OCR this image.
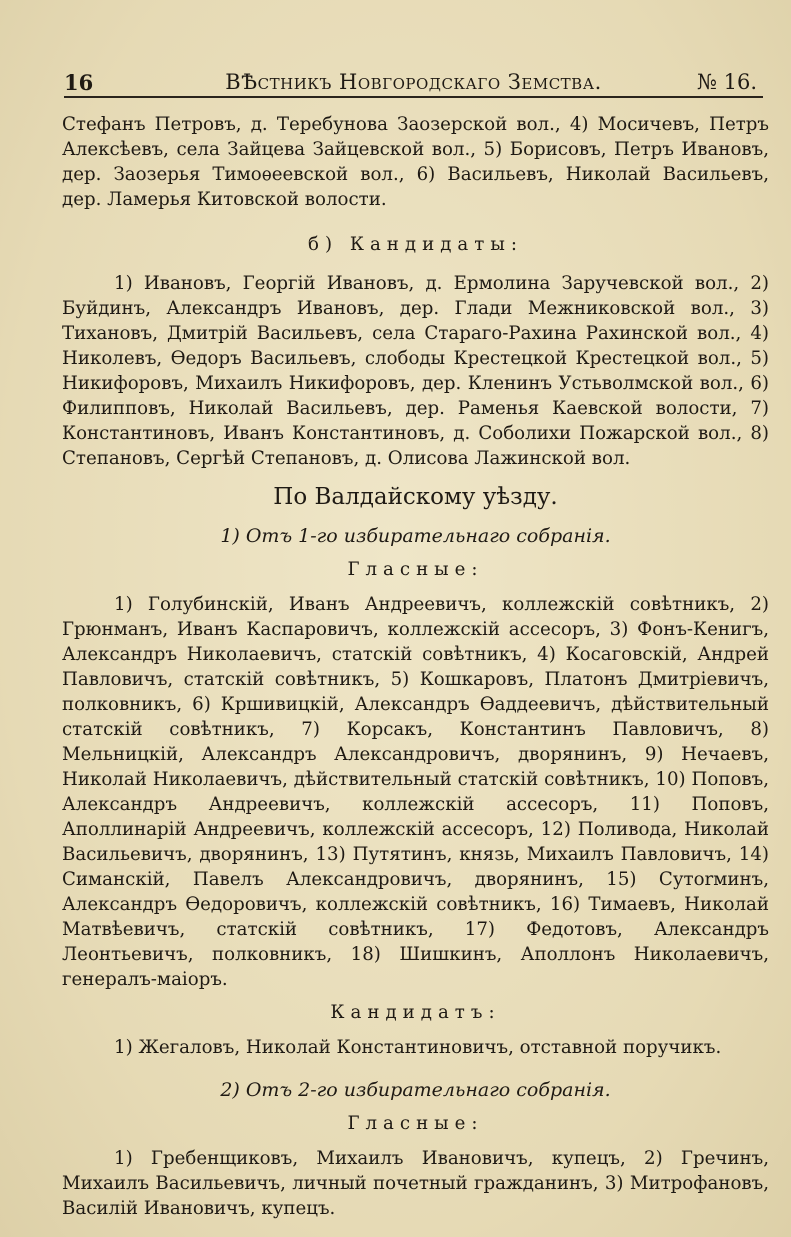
16	ВѢстникъ Новгородскаго Земства.	№ 16.

Стефанъ Петровъ, д. Теребунова Заозерской вол., 4) Мосичевъ, Петръ Алексѣевъ, села Зайцева Зайцевской вол., 5) Борисовъ, Петръ Ивановъ, дер. Заозерья Тимоѳеевской вол., 6) Васильевъ, Николай Васильевъ, дер. Ламерья Китовской волости.

б) Кандидаты:

1) Ивановъ, Георгій Ивановъ, д. Ермолина Заручевской вол., 2) Буйдинъ, Александръ Ивановъ, дер. Глади Межниковской вол., 3) Тихановъ, Дмитрій Васильевъ, села Стараго-Рахина Рахинской вол., 4) Николевъ, Ѳедоръ Васильевъ, слободы Крестецкой Крестецкой вол., 5) Никифоровъ, Михаилъ Никифоровъ, дер. Кленинъ Устьволмской вол., 6) Филипповъ, Николай Васильевъ, дер. Раменья Каевской волости, 7) Константиновъ, Иванъ Константиновъ, д. Соболихи Пожарской вол., 8) Степановъ, Сергѣй Степановъ, д. Олисова Лажинской вол.

По Валдайскому уѣзду.

1) Отъ 1-го избирательнаго собранія.

Гласные:

1) Голубинскій, Иванъ Андреевичъ, коллежскій совѣтникъ, 2) Грюнманъ, Иванъ Каспаровичъ, коллежскій ассесоръ, 3) Фонъ-Кенигъ, Александръ Николаевичъ, статскій совѣтникъ, 4) Косаговскій, Андрей Павловичъ, статскій совѣтникъ, 5) Кошкаровъ, Платонъ Дмитріевичъ, полковникъ, 6) Кршивицкій, Александръ Ѳаддеевичъ, дѣйствительный статскій совѣтникъ, 7) Корсакъ, Константинъ Павловичъ, 8) Мельницкій, Александръ Александровичъ, дворянинъ, 9) Нечаевъ, Николай Николаевичъ, дѣйствительный статскій совѣтникъ, 10) Поповъ, Александръ Андреевичъ, коллежскій ассесоръ, 11) Поповъ, Аполлинарій Андреевичъ, коллежскій ассесоръ, 12) Поливода, Николай Васильевичъ, дворянинъ, 13) Путятинъ, князь, Михаилъ Павловичъ, 14) Симанскій, Павелъ Александровичъ, дворянинъ, 15) Сутorминъ, Александръ Ѳедоровичъ, коллежскій совѣтникъ, 16) Тимаевъ, Николай Матвѣевичъ, статскій совѣтникъ, 17) Федотовъ, Александръ Леонтьевичъ, полковникъ, 18) Шишкинъ, Аполлонъ Николаевичъ, генералъ-маіоръ.

Кандидатъ:

1) Жегаловъ, Николай Константиновичъ, отставной поручикъ.

2) Отъ 2-го избирательнаго собранія.

Гласные:

1) Гребенщиковъ, Михаилъ Ивановичъ, купецъ, 2) Гречинъ, Михаилъ Васильевичъ, личный почетный гражданинъ, 3) Митрофановъ, Василій Ивановичъ, купецъ.
